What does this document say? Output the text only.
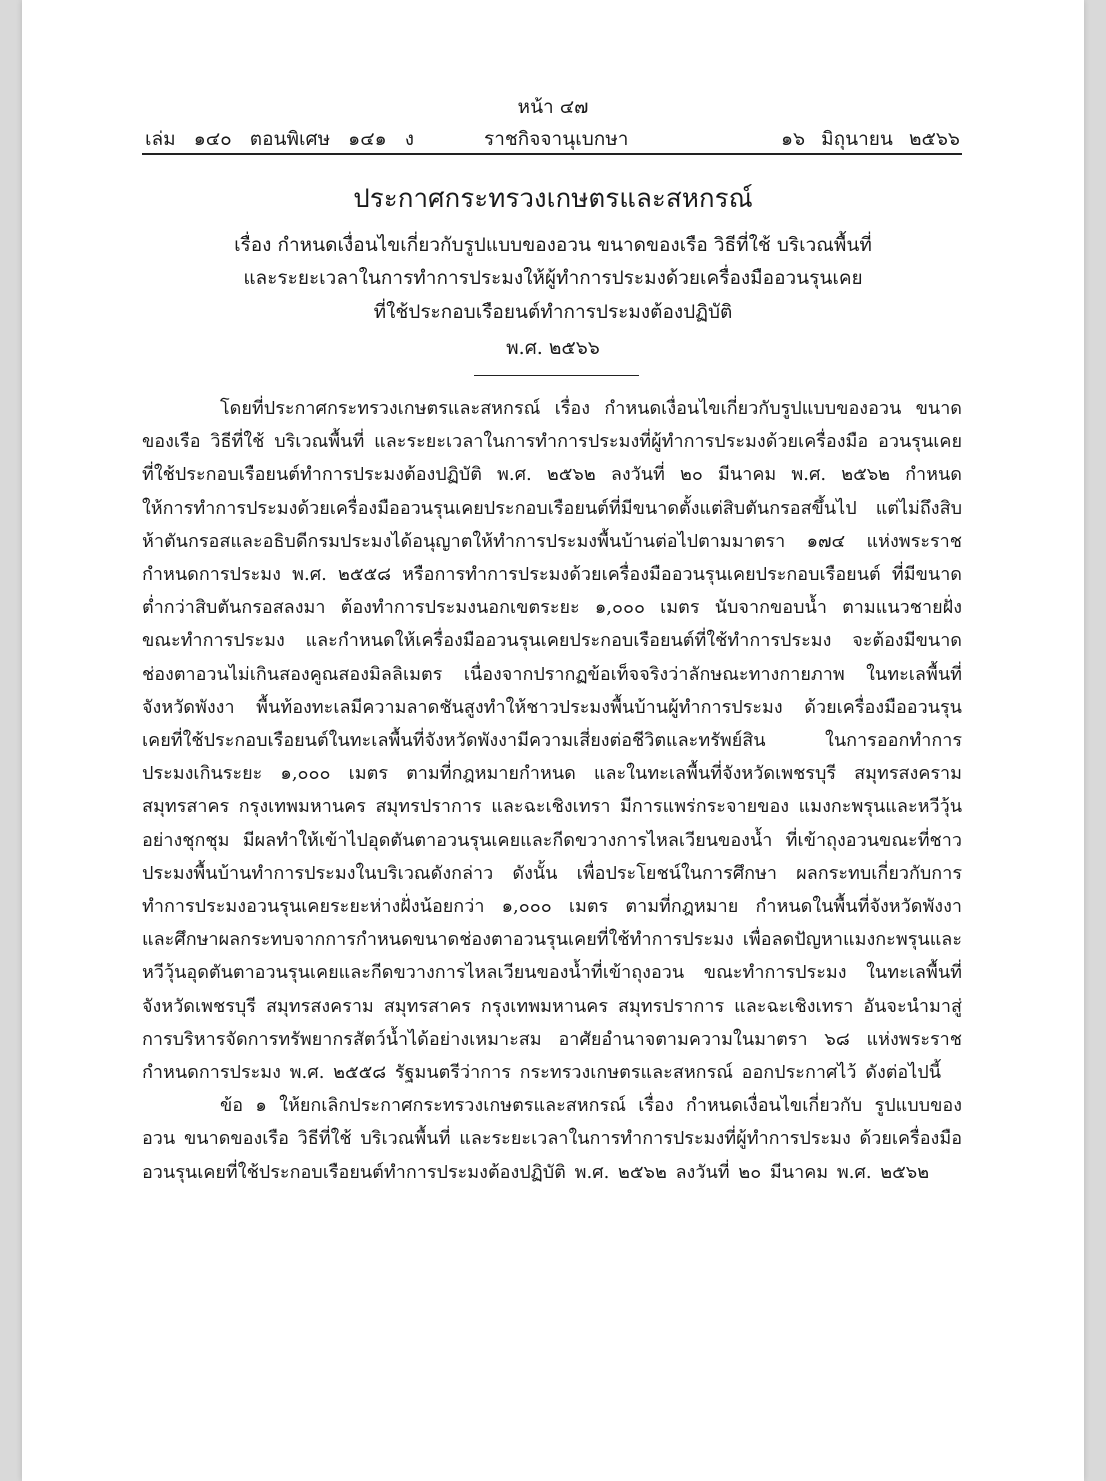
หน้า ๔๗
เล่ม ๑๔๐ ตอนพิเศษ ๑๔๑ ง	ราชกิจจานุเบกษา	๑๖ มิถุนายน ๒๕๖๖
ประกาศกระทรวงเกษตรและสหกรณ์
เรื่อง กำหนดเงื่อนไขเกี่ยวกับรูปแบบของอวน ขนาดของเรือ วิธีที่ใช้ บริเวณพื้นที่
และระยะเวลาในการทำการประมงให้ผู้ทำการประมงด้วยเครื่องมืออวนรุนเคย
ที่ใช้ประกอบเรือยนต์ทำการประมงต้องปฏิบัติ
พ.ศ. ๒๕๖๖

โดยที่ประกาศกระทรวงเกษตรและสหกรณ์ เรื่อง กำหนดเงื่อนไขเกี่ยวกับรูปแบบของอวน ขนาดของเรือ วิธีที่ใช้ บริเวณพื้นที่ และระยะเวลาในการทำการประมงที่ผู้ทำการประมงด้วยเครื่องมือ อวนรุนเคยที่ใช้ประกอบเรือยนต์ทำการประมงต้องปฏิบัติ พ.ศ. ๒๕๖๒ ลงวันที่ ๒๐ มีนาคม พ.ศ. ๒๕๖๒ กำหนดให้การทำการประมงด้วยเครื่องมืออวนรุนเคยประกอบเรือยนต์ที่มีขนาดตั้งแต่สิบตันกรอสขึ้นไป แต่ไม่ถึงสิบห้าตันกรอสและอธิบดีกรมประมงได้อนุญาตให้ทำการประมงพื้นบ้านต่อไปตามมาตรา ๑๗๔ แห่งพระราชกำหนดการประมง พ.ศ. ๒๕๕๘ หรือการทำการประมงด้วยเครื่องมืออวนรุนเคยประกอบเรือยนต์ ที่มีขนาดต่ำกว่าสิบตันกรอสลงมา ต้องทำการประมงนอกเขตระยะ ๑,๐๐๐ เมตร นับจากขอบน้ำ ตามแนวชายฝั่งขณะทำการประมง และกำหนดให้เครื่องมืออวนรุนเคยประกอบเรือยนต์ที่ใช้ทำการประมง จะต้องมีขนาดช่องตาอวนไม่เกินสองคูณสองมิลลิเมตร เนื่องจากปรากฏข้อเท็จจริงว่าลักษณะทางกายภาพ ในทะเลพื้นที่จังหวัดพังงา พื้นท้องทะเลมีความลาดชันสูงทำให้ชาวประมงพื้นบ้านผู้ทำการประมง ด้วยเครื่องมืออวนรุนเคยที่ใช้ประกอบเรือยนต์ในทะเลพื้นที่จังหวัดพังงามีความเสี่ยงต่อชีวิตและทรัพย์สิน ในการออกทำการประมงเกินระยะ ๑,๐๐๐ เมตร ตามที่กฎหมายกำหนด และในทะเลพื้นที่จังหวัดเพชรบุรี สมุทรสงคราม สมุทรสาคร กรุงเทพมหานคร สมุทรปราการ และฉะเชิงเทรา มีการแพร่กระจายของ แมงกะพรุนและหวีวุ้นอย่างชุกชุม มีผลทำให้เข้าไปอุดตันตาอวนรุนเคยและกีดขวางการไหลเวียนของน้ำ ที่เข้าถุงอวนขณะที่ชาวประมงพื้นบ้านทำการประมงในบริเวณดังกล่าว ดังนั้น เพื่อประโยชน์ในการศึกษา ผลกระทบเกี่ยวกับการทำการประมงอวนรุนเคยระยะห่างฝั่งน้อยกว่า ๑,๐๐๐ เมตร ตามที่กฎหมาย กำหนดในพื้นที่จังหวัดพังงา และศึกษาผลกระทบจากการกำหนดขนาดช่องตาอวนรุนเคยที่ใช้ทำการประมง เพื่อลดปัญหาแมงกะพรุนและหวีวุ้นอุดตันตาอวนรุนเคยและกีดขวางการไหลเวียนของน้ำที่เข้าถุงอวน ขณะทำการประมง ในทะเลพื้นที่จังหวัดเพชรบุรี สมุทรสงคราม สมุทรสาคร กรุงเทพมหานคร สมุทรปราการ และฉะเชิงเทรา อันจะนำมาสู่การบริหารจัดการทรัพยากรสัตว์น้ำได้อย่างเหมาะสม อาศัยอำนาจตามความในมาตรา ๖๘ แห่งพระราชกำหนดการประมง พ.ศ. ๒๕๕๘ รัฐมนตรีว่าการ กระทรวงเกษตรและสหกรณ์ ออกประกาศไว้ ดังต่อไปนี้

ข้อ ๑ ให้ยกเลิกประกาศกระทรวงเกษตรและสหกรณ์ เรื่อง กำหนดเงื่อนไขเกี่ยวกับ รูปแบบของอวน ขนาดของเรือ วิธีที่ใช้ บริเวณพื้นที่ และระยะเวลาในการทำการประมงที่ผู้ทำการประมง ด้วยเครื่องมืออวนรุนเคยที่ใช้ประกอบเรือยนต์ทำการประมงต้องปฏิบัติ พ.ศ. ๒๕๖๒ ลงวันที่ ๒๐ มีนาคม พ.ศ. ๒๕๖๒
